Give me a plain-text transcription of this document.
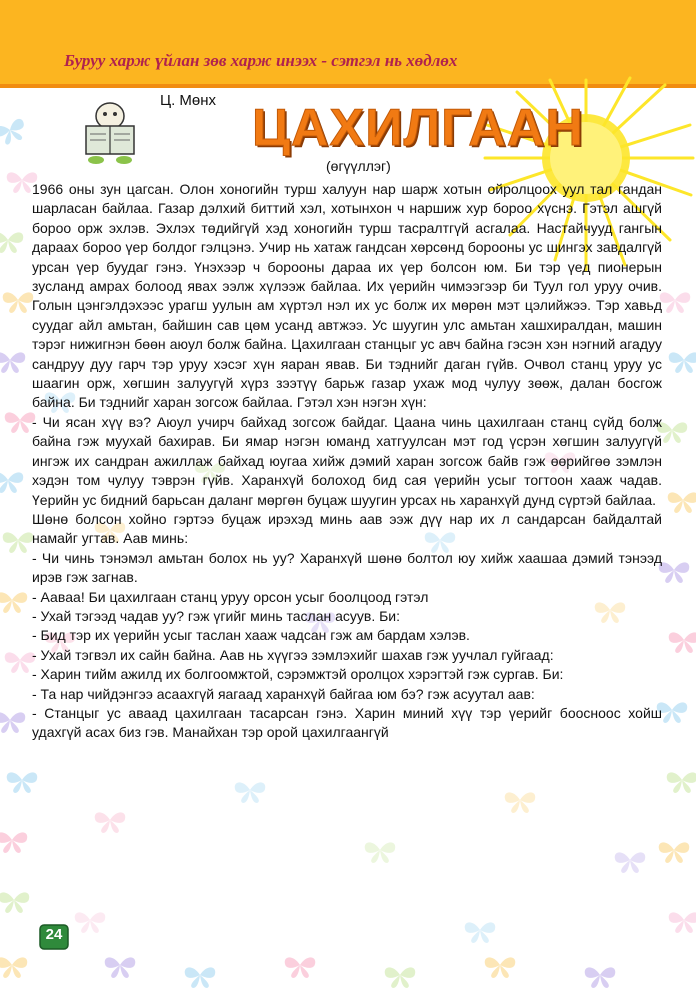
Буруу харж үйлан зөв харж инээх - сэтгэл нь хөдлөх
Ц. Мөнх ЦАХИЛГААН
(өгүүллэг)

1966 оны зун цагсан. Олон хоногийн турш халуун нар шарж хотын ойролцоох уул тал гандан шарласан байлаа. Газар дэлхий биттий хэл, хотынхон ч наршиж хур бороо хүснэ. Гэтэл ашгүй бороо орж эхлэв. Эхлэх төдийгүй хэд хоногийн турш тасралтгүй асгалаа. Настайчууд гангын дараах бороо үер болдог гэлцэнэ. Учир нь хатаж гандсан хөрсөнд борооны ус шингэх завдалгүй урсан үер буудаг гэнэ. Үнэхээр ч борооны дараа их үер болсон юм. Би тэр үед пионерын зусланд амрах болоод явах ээлж хүлээж байлаа. Их үерийн чимээгээр би Туул гол уруу очив. Голын цэнгэлдэхээс урагш уулын ам хүртэл нэл их ус болж их мөрөн мэт цэлийжээ. Тэр хавьд суудаг айл амьтан, байшин сав цөм усанд автжээ. Ус шуугин улс амьтан хашхиралдан, машин тэрэг нижигнэн бөөн аюул болж байна. Цахилгаан станцыг ус авч байна гэсэн хэн нэгний агадуу сандруу дуу гарч тэр уруу хэсэг хүн яаран явав. Би тэднийг даган гүйв. Очвол станц уруу ус шаагин орж, хөгшин залуугүй хүрз зээтүү барьж газар ухаж мод чулуу зөөж, далан босгож байна. Би тэднийг харан зогсож байлаа. Гэтэл хэн нэгэн хүн:

- Чи ясан хүү вэ? Аюул учирч байхад зогсож байдаг. Цаана чинь цахилгаан станц сүйд болж байна гэж муухай бахирав. Би ямар нэгэн юманд хатгуулсан мэт год үсрэн хөгшин залуугүй ингэж их сандран ажиллаж байхад юугаа хийж дэмий харан зогсож байв гэж өөрийгөө зэмлэн хэдэн том чулуу тэврэн гүйв. Харанхүй болоход бид сая үерийн усыг тогтоон хааж чадав. Үерийн ус бидний барьсан даланг мөргөн буцаж шуугин урсах нь харанхүй дунд сүртэй байлаа.

Шөнө болсон хойно гэртээ буцаж ирэхэд минь аав ээж дүү нар их л сандарсан байдалтай намайг угтав. Аав минь:

- Чи чинь тэнэмэл амьтан болох нь уу? Харанхүй шөнө болтол юу хийж хаашаа дэмий тэнээд ирэв гэж загнав.

- Аавaa! Би цахилгаан станц уруу орсон усыг боолцоод гэтэл

- Ухай тэгээд чадав уу? гэж үгийг минь таслан асуув. Би:

- Бид тэр их үерийн усыг таслан хааж чадсан гэж ам бардам хэлэв.

- Ухай тэгвэл их сайн байна. Аав нь хүүгээ зэмлэхийг шахав гэж уучлал гуйгаад:

- Харин тийм ажилд их болгоомжтой, сэрэмжтэй оролцох хэрэгтэй гэж сургав. Би:

- Та нар чийдэнгээ асаахгүй яагаад харанхүй байгаа юм бэ? гэж асуутал аав:

- Станцыг ус аваад цахилгаан тасарсан гэнэ. Харин миний хүү тэр үерийг боосноос хойш удахгүй асах биз гэв. Манайхан тэр орой цахилгаангүй

24
